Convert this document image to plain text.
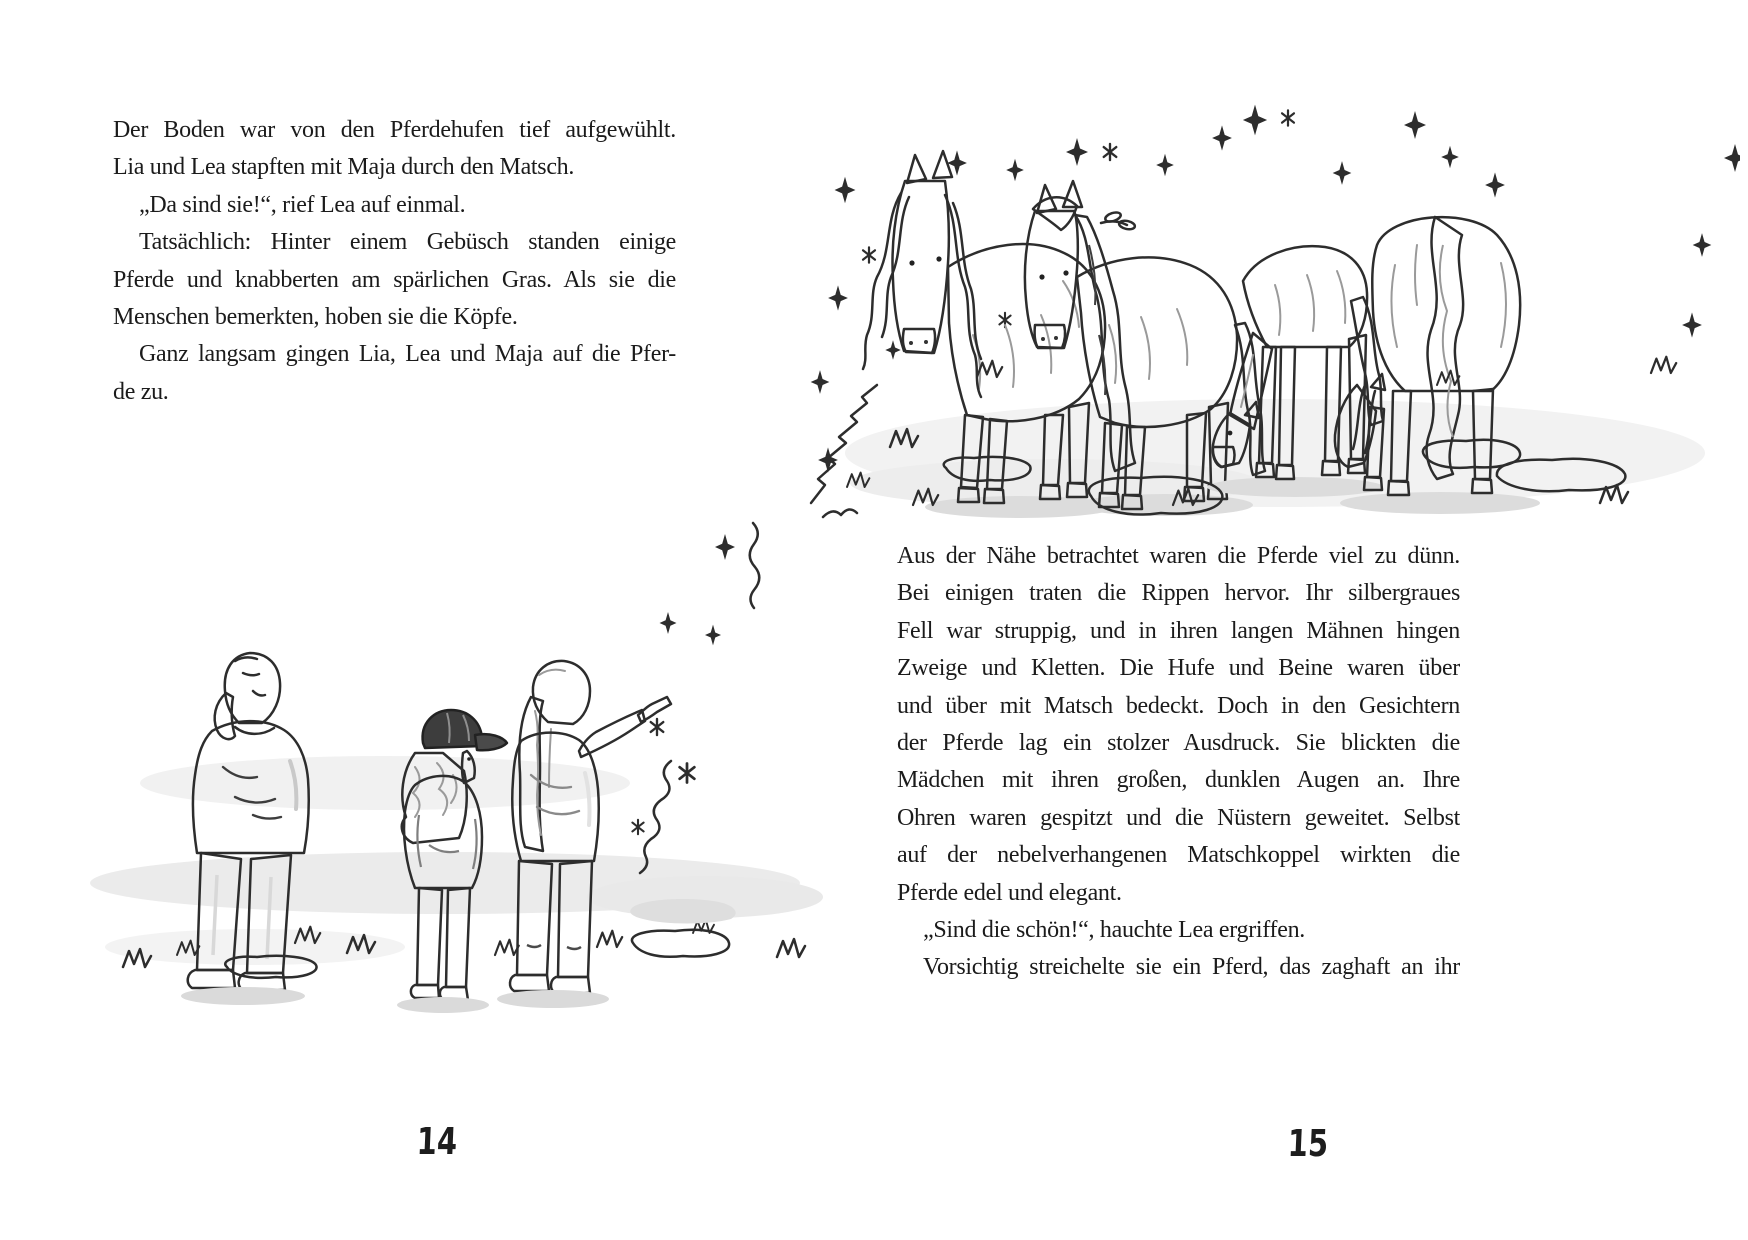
Der Boden war von den Pferdehufen tief aufgewühlt.

Lia und Lea stapften mit Maja durch den Matsch.

„Da sind sie!“, rief Lea auf einmal.

Tatsächlich: Hinter einem Gebüsch standen einige

Pferde und knabberten am spärlichen Gras. Als sie die

Menschen bemerkten, hoben sie die Köpfe.

Ganz langsam gingen Lia, Lea und Maja auf die Pfer-

de zu.

14

Aus der Nähe betrachtet waren die Pferde viel zu dünn.

Bei einigen traten die Rippen hervor. Ihr silbergraues

Fell war struppig, und in ihren langen Mähnen hingen

Zweige und Kletten. Die Hufe und Beine waren über

und über mit Matsch bedeckt. Doch in den Gesichtern

der Pferde lag ein stolzer Ausdruck. Sie blickten die

Mädchen mit ihren großen, dunklen Augen an. Ihre

Ohren waren gespitzt und die Nüstern geweitet. Selbst

auf der nebelverhangenen Matschkoppel wirkten die

Pferde edel und elegant.

„Sind die schön!“, hauchte Lea ergriffen.

Vorsichtig streichelte sie ein Pferd, das zaghaft an ihr

15
